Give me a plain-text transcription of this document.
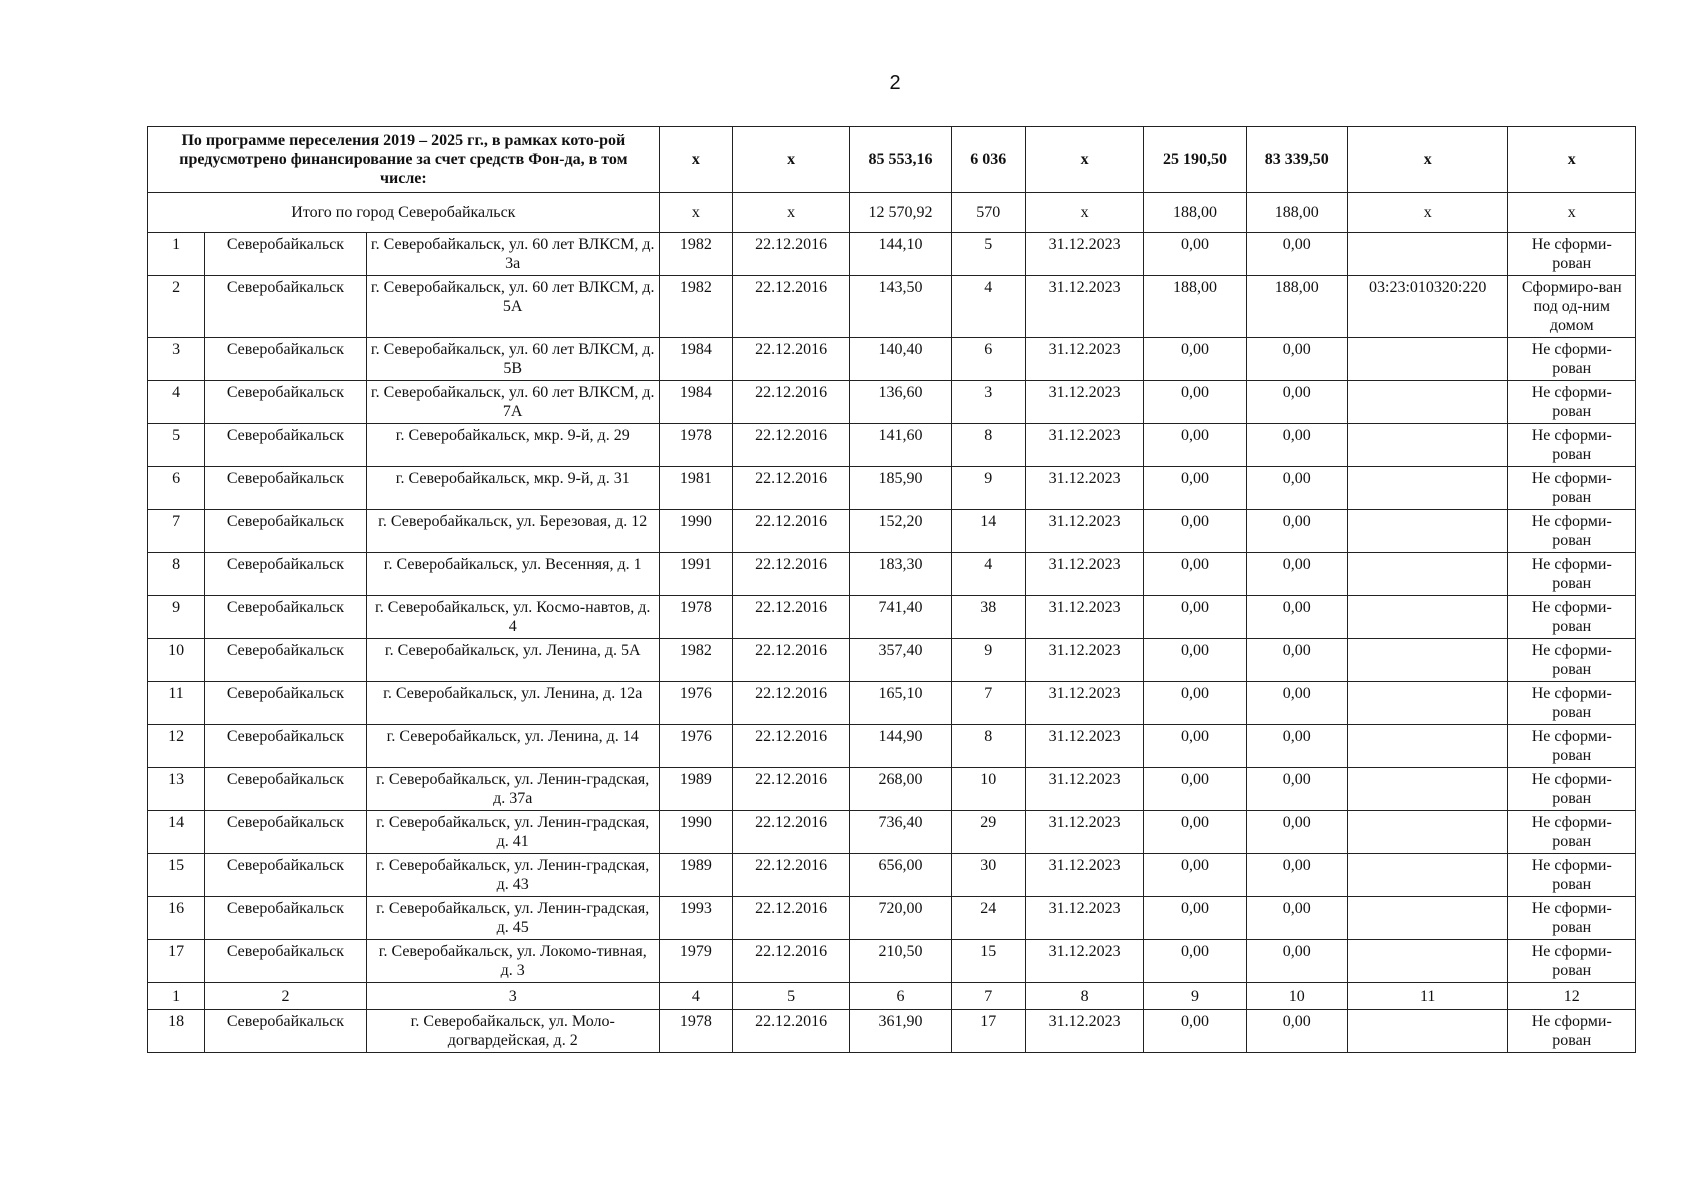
2
По программе переселения 2019 – 2025 гг., в рамках кото-рой предусмотрено финансирование за счет средств Фон-да, в том числе:			х	х	85 553,16	6 036	х	25 190,50	83 339,50	х	х
Итого по город Северобайкальск			х	х	12 570,92	570	х	188,00	188,00	х	х
1	Северобайкальск	г. Северобайкальск, ул. 60 лет ВЛКСМ, д. 3а	1982	22.12.2016	144,10	5	31.12.2023	0,00	0,00		Не сформи-рован
2	Северобайкальск	г. Северобайкальск, ул. 60 лет ВЛКСМ, д. 5А	1982	22.12.2016	143,50	4	31.12.2023	188,00	188,00	03:23:010320:220	Сформиро-ван под од-ним домом
3	Северобайкальск	г. Северобайкальск, ул. 60 лет ВЛКСМ, д. 5В	1984	22.12.2016	140,40	6	31.12.2023	0,00	0,00		Не сформи-рован
4	Северобайкальск	г. Северобайкальск, ул. 60 лет ВЛКСМ, д. 7А	1984	22.12.2016	136,60	3	31.12.2023	0,00	0,00		Не сформи-рован
5	Северобайкальск	г. Северобайкальск, мкр. 9-й, д. 29	1978	22.12.2016	141,60	8	31.12.2023	0,00	0,00		Не сформи-рован
6	Северобайкальск	г. Северобайкальск, мкр. 9-й, д. 31	1981	22.12.2016	185,90	9	31.12.2023	0,00	0,00		Не сформи-рован
7	Северобайкальск	г. Северобайкальск, ул. Березовая, д. 12	1990	22.12.2016	152,20	14	31.12.2023	0,00	0,00		Не сформи-рован
8	Северобайкальск	г. Северобайкальск, ул. Весенняя, д. 1	1991	22.12.2016	183,30	4	31.12.2023	0,00	0,00		Не сформи-рован
9	Северобайкальск	г. Северобайкальск, ул. Космо-навтов, д. 4	1978	22.12.2016	741,40	38	31.12.2023	0,00	0,00		Не сформи-рован
10	Северобайкальск	г. Северобайкальск, ул. Ленина, д. 5А	1982	22.12.2016	357,40	9	31.12.2023	0,00	0,00		Не сформи-рован
11	Северобайкальск	г. Северобайкальск, ул. Ленина, д. 12а	1976	22.12.2016	165,10	7	31.12.2023	0,00	0,00		Не сформи-рован
12	Северобайкальск	г. Северобайкальск, ул. Ленина, д. 14	1976	22.12.2016	144,90	8	31.12.2023	0,00	0,00		Не сформи-рован
13	Северобайкальск	г. Северобайкальск, ул. Ленин-градская, д. 37а	1989	22.12.2016	268,00	10	31.12.2023	0,00	0,00		Не сформи-рован
14	Северобайкальск	г. Северобайкальск, ул. Ленин-градская, д. 41	1990	22.12.2016	736,40	29	31.12.2023	0,00	0,00		Не сформи-рован
15	Северобайкальск	г. Северобайкальск, ул. Ленин-градская, д. 43	1989	22.12.2016	656,00	30	31.12.2023	0,00	0,00		Не сформи-рован
16	Северобайкальск	г. Северобайкальск, ул. Ленин-градская, д. 45	1993	22.12.2016	720,00	24	31.12.2023	0,00	0,00		Не сформи-рован
17	Северобайкальск	г. Северобайкальск, ул. Локомо-тивная, д. 3	1979	22.12.2016	210,50	15	31.12.2023	0,00	0,00		Не сформи-рован
1	2	3	4	5	6	7	8	9	10	11	12
18	Северобайкальск	г. Северобайкальск, ул. Моло-догвардейская, д. 2	1978	22.12.2016	361,90	17	31.12.2023	0,00	0,00		Не сформи-рован
